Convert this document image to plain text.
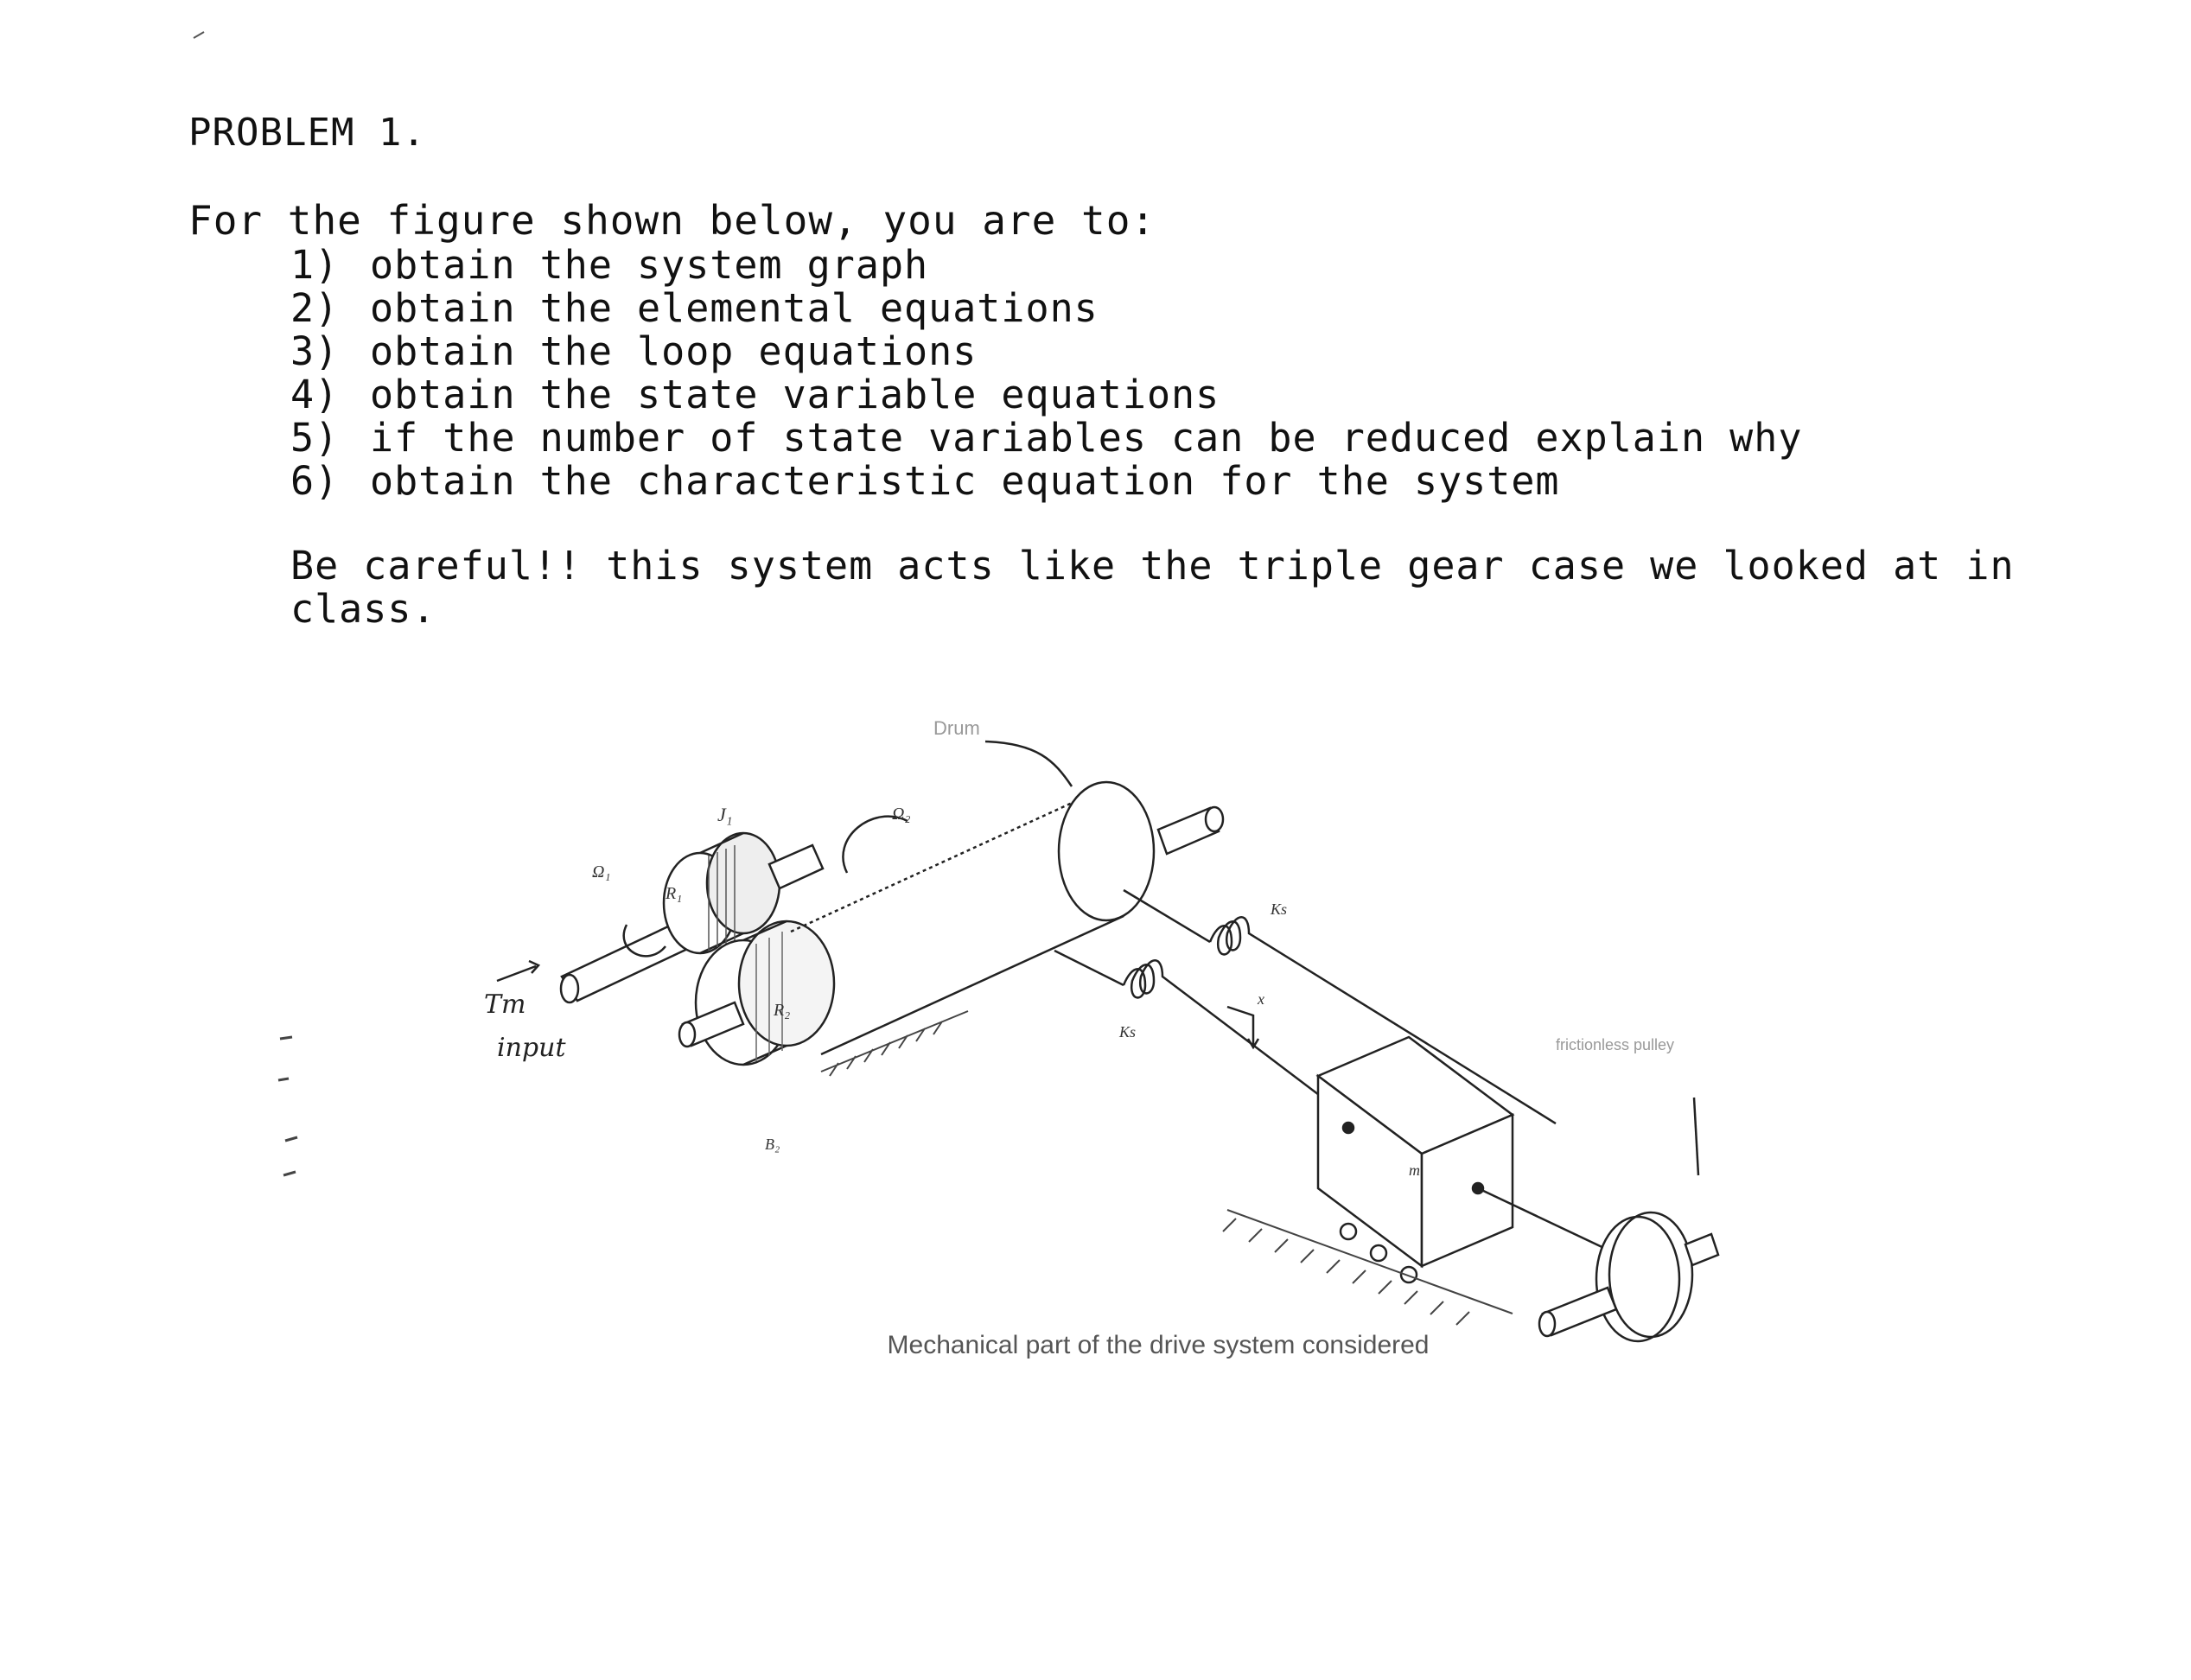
PROBLEM 1.
For the figure shown below, you are to:
1) obtain the system graph
2) obtain the elemental equations
3) obtain the loop equations
4) obtain the state variable equations
5) if the number of state variables can be reduced explain why
6) obtain the characteristic equation for the system
Be careful!! this system acts like the triple gear case we looked at in class.
Drum
J₁
Ω₁
Ω₂
R₁
R₂
Tm
input
Ks
Ks
x
m
B₂
frictionless pulley
Mechanical part of the drive system considered
